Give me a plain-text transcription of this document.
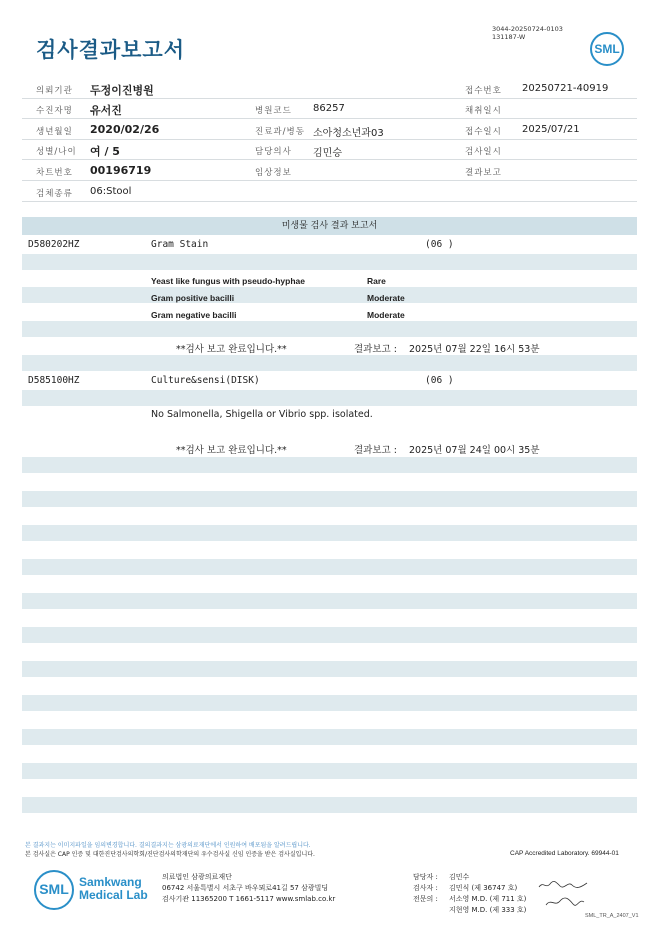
검사결과보고서
3044-20250724-0103
131187-W
SML
의뢰기관 두정이진병원	접수번호 20250721-40919
수진자명 유서진	병원코드 86257	채취일시
생년월일 2020/02/26	진료과/병동 소아청소년과03	접수일시 2025/07/21
성별/나이 여 / 5	담당의사 김민승	검사일시
차트번호 00196719	임상정보	결과보고
검체종류 06:Stool
미생물 검사 결과 보고서
D580202HZ	Gram Stain	(06 )
Yeast like fungus with pseudo-hyphae	Rare
Gram positive bacilli	Moderate
Gram negative bacilli	Moderate
**검사 보고 완료입니다.**	결과보고 : 2025년 07월 22일 16시 53분
D585100HZ	Culture&sensi(DISK)	(06 )
No Salmonella, Shigella or Vibrio spp. isolated.
**검사 보고 완료입니다.**	결과보고 : 2025년 07월 24일 00시 35분
본 결과지는 이미지파일을 임의변경합니다. 결의결과지는 삼광의료재단에서 인원하여 배포됨을 알려드립니다.
본 검사실은 CAP 인증 및 대한진단검사의학회/진단검사의학재단의 우수검사실 신임 인증을 받은 검사실입니다.	CAP Accredited Laboratory. 69944-01
SML Samkwang
Medical Lab
의료법인 삼광의료재단
06742 서울특별시 서초구 바우뫼로41길 57 삼광빌딩
검사기관 11365200 T 1661-5117 www.smlab.co.kr
담당자 : 김민수
검사자 : 김민식 (제 36747 호)
전문의 : 서소영 M.D. (제 711 호)
지현영 M.D. (제 333 호)
SML_TR_A_2407_V1
